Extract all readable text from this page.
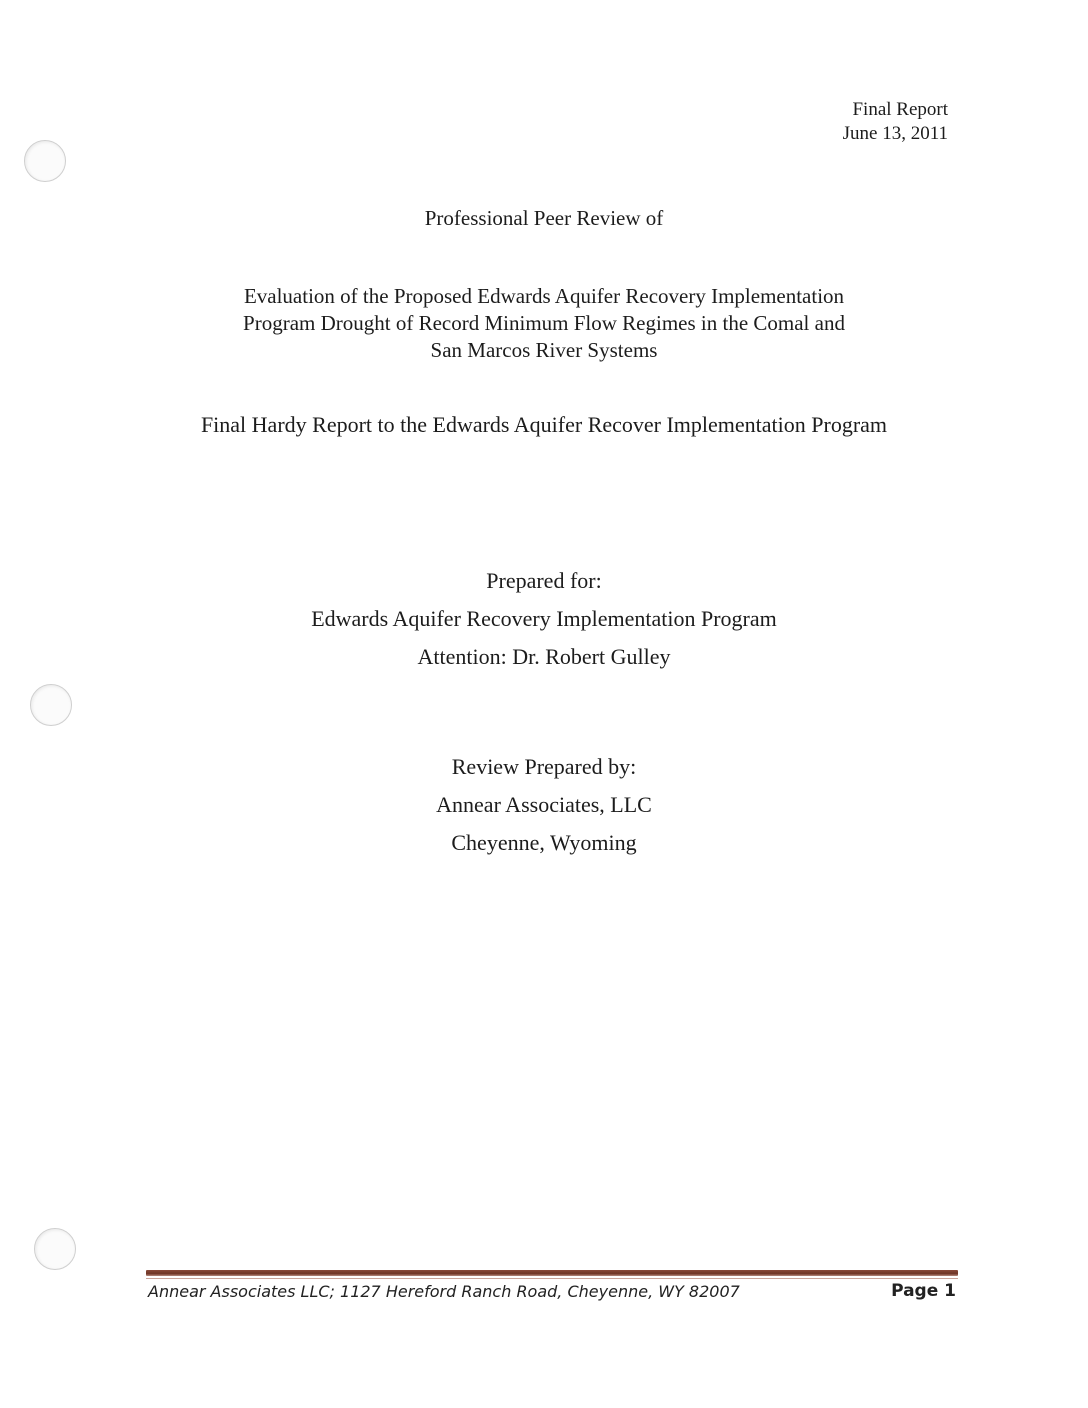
Final Report
June 13, 2011
Professional Peer Review of
Evaluation of the Proposed Edwards Aquifer Recovery Implementation
Program Drought of Record Minimum Flow Regimes in the Comal and
San Marcos River Systems
Final Hardy Report to the Edwards Aquifer Recover Implementation Program
Prepared for:
Edwards Aquifer Recovery Implementation Program
Attention: Dr. Robert Gulley
Review Prepared by:
Annear Associates, LLC
Cheyenne, Wyoming
Annear Associates LLC; 1127 Hereford Ranch Road, Cheyenne, WY 82007	Page 1
